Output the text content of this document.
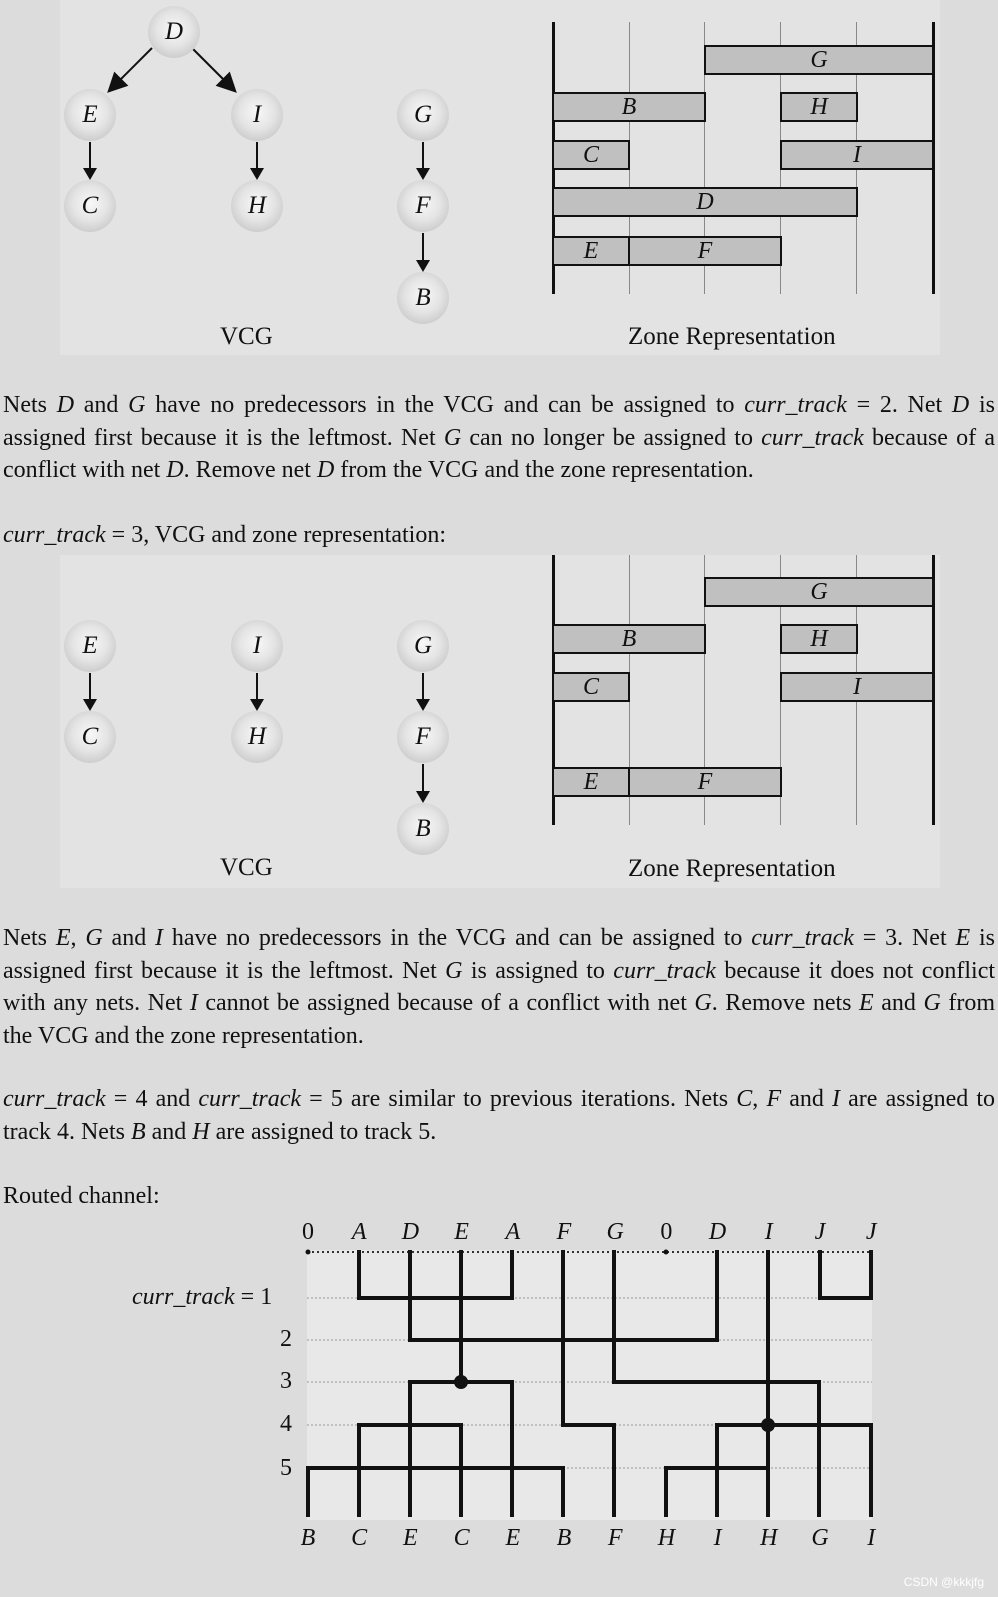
D
E	I
C	H
G
F
B
VCG
G
B	H
C	I
D
E	F
Zone Representation

Nets D and G have no predecessors in the VCG and can be assigned to curr_track = 2. Net D is assigned first because it is the leftmost. Net G can no longer be assigned to curr_track because of a conflict with net D. Remove net D from the VCG and the zone representation.

curr_track = 3, VCG and zone representation:

E	I	G
C	H	F
B
VCG
G
B	H
C	I
E	F
Zone Representation

Nets E, G and I have no predecessors in the VCG and can be assigned to curr_track = 3. Net E is assigned first because it is the leftmost. Net G is assigned to curr_track because it does not conflict with any nets. Net I cannot be assigned because of a conflict with net G. Remove nets E and G from the VCG and the zone representation.

curr_track = 4 and curr_track = 5 are similar to previous iterations. Nets C, F and I are assigned to track 4. Nets B and H are assigned to track 5.

Routed channel:

0	A	D	E	A	F	G	0	D	I	J	J
B	C	E	C	E	B	F	H	I	H G	I
curr_track = 1
2
3
4
5
CSDN @kkkjfg
